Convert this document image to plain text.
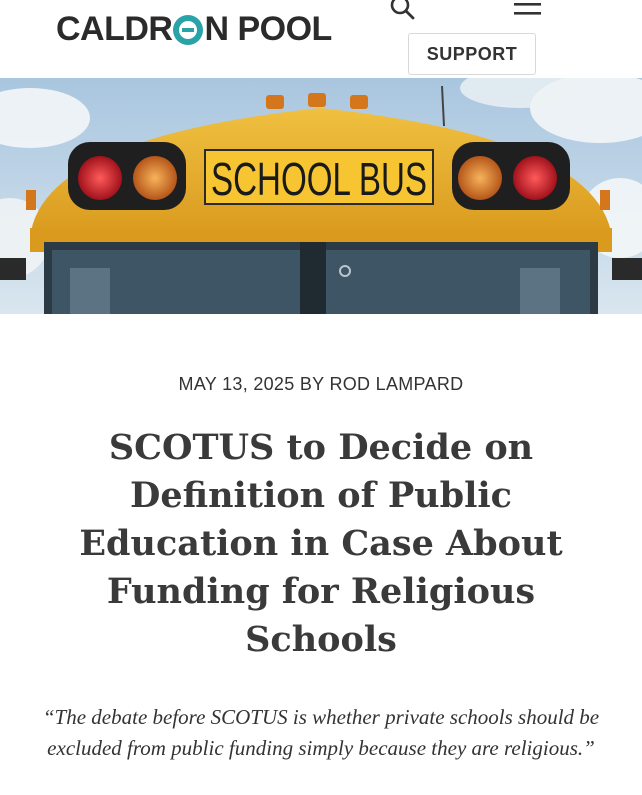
CALDR N POOL
SUPPORT
SCHOOL BUS
MAY 13, 2025 BY ROD LAMPARD
SCOTUS to Decide on Definition of Public Education in Case About Funding for Religious Schools

“The debate before SCOTUS is whether private schools should be excluded from public funding simply because they are religious.”
